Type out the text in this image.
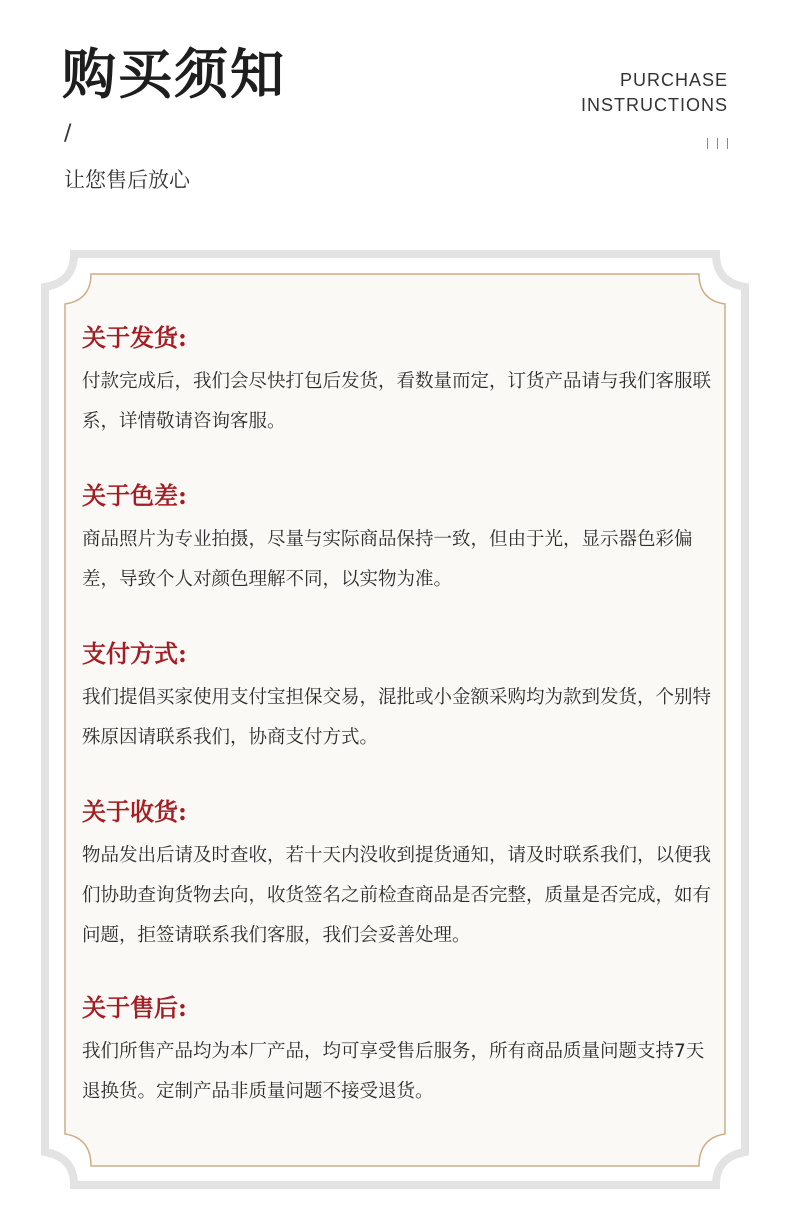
购买须知
/
让您售后放心
PURCHASE
INSTRUCTIONS

关于发货:

付款完成后，我们会尽快打包后发货，看数量而定，订货产品请与我们客服联系，详情敬请咨询客服。

关于色差:

商品照片为专业拍摄，尽量与实际商品保持一致，但由于光，显示器色彩偏差，导致个人对颜色理解不同，以实物为准。

支付方式:

我们提倡买家使用支付宝担保交易，混批或小金额采购均为款到发货，个别特殊原因请联系我们，协商支付方式。

关于收货:

物品发出后请及时查收，若十天内没收到提货通知，请及时联系我们，以便我们协助查询货物去向，收货签名之前检查商品是否完整，质量是否完成，如有问题，拒签请联系我们客服，我们会妥善处理。

关于售后:

我们所售产品均为本厂产品，均可享受售后服务，所有商品质量问题支持7天退换货。定制产品非质量问题不接受退货。
